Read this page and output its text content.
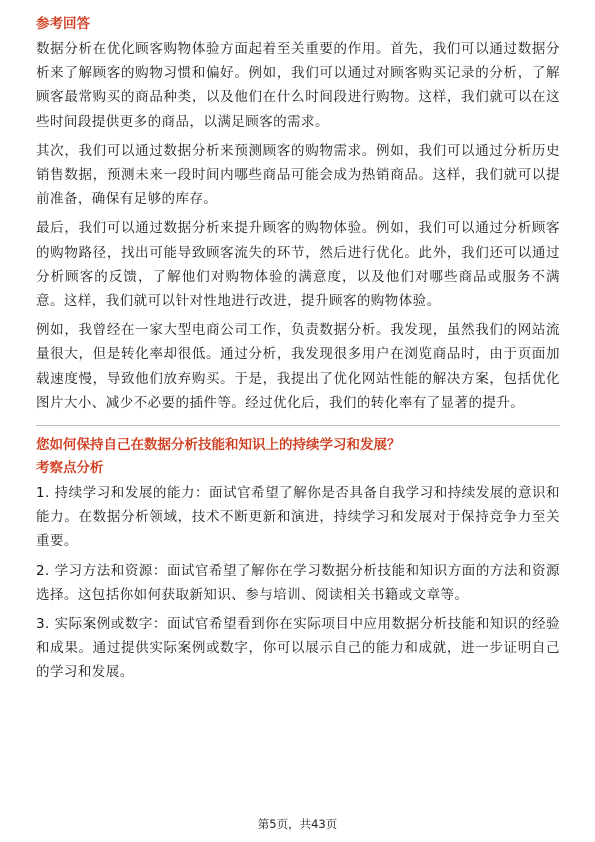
参考回答

数据分析在优化顾客购物体验方面起着至关重要的作用。首先，我们可以通过数据分析来了解顾客的购物习惯和偏好。例如，我们可以通过对顾客购买记录的分析，了解顾客最常购买的商品种类，以及他们在什么时间段进行购物。这样，我们就可以在这些时间段提供更多的商品，以满足顾客的需求。

其次，我们可以通过数据分析来预测顾客的购物需求。例如，我们可以通过分析历史销售数据，预测未来一段时间内哪些商品可能会成为热销商品。这样，我们就可以提前准备，确保有足够的库存。

最后，我们可以通过数据分析来提升顾客的购物体验。例如，我们可以通过分析顾客的购物路径，找出可能导致顾客流失的环节，然后进行优化。此外，我们还可以通过分析顾客的反馈，了解他们对购物体验的满意度，以及他们对哪些商品或服务不满意。这样，我们就可以针对性地进行改进，提升顾客的购物体验。

例如，我曾经在一家大型电商公司工作，负责数据分析。我发现，虽然我们的网站流量很大，但是转化率却很低。通过分析，我发现很多用户在浏览商品时，由于页面加载速度慢，导致他们放弃购买。于是，我提出了优化网站性能的解决方案，包括优化图片大小、减少不必要的插件等。经过优化后，我们的转化率有了显著的提升。

您如何保持自己在数据分析技能和知识上的持续学习和发展？
考察点分析

1. 持续学习和发展的能力：面试官希望了解你是否具备自我学习和持续发展的意识和能力。在数据分析领域，技术不断更新和演进，持续学习和发展对于保持竞争力至关重要。

2. 学习方法和资源：面试官希望了解你在学习数据分析技能和知识方面的方法和资源选择。这包括你如何获取新知识、参与培训、阅读相关书籍或文章等。

3. 实际案例或数字：面试官希望看到你在实际项目中应用数据分析技能和知识的经验和成果。通过提供实际案例或数字，你可以展示自己的能力和成就，进一步证明自己的学习和发展。

第5页，共43页
